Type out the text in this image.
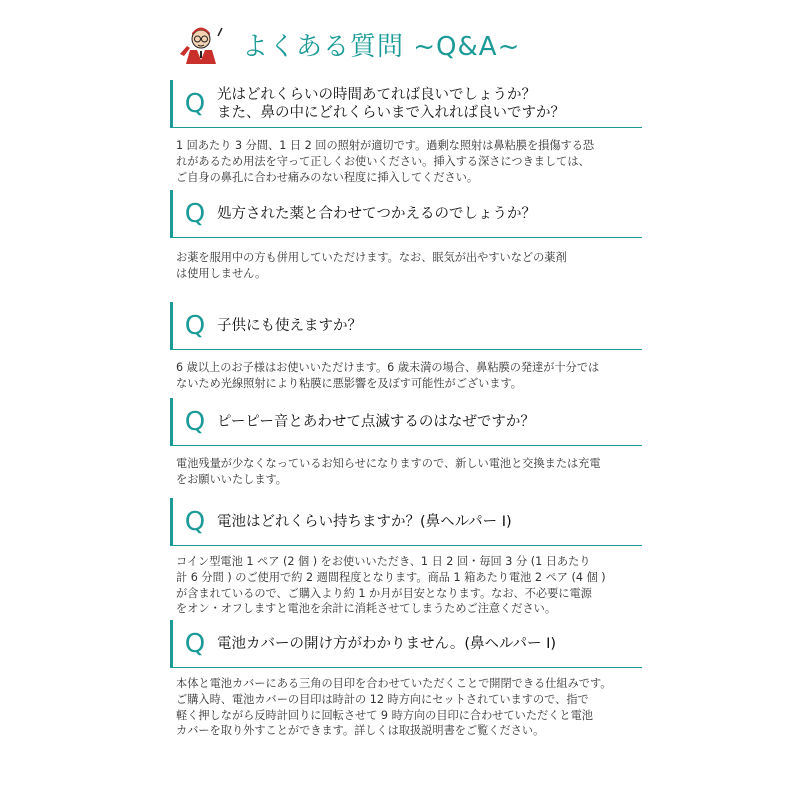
よくある質問 ~Q&A~
Q 光はどれくらいの時間あてれば良いでしょうか？
また、鼻の中にどれくらいまで入れれば良いですか？
1 回あたり 3 分間、1 日 2 回の照射が適切です。過剰な照射は鼻粘膜を損傷する恐
れがあるため用法を守って正しくお使いください。挿入する深さにつきましては、
ご自身の鼻孔に合わせ痛みのない程度に挿入してください。
Q 処方された薬と合わせてつかえるのでしょうか？
お薬を服用中の方も併用していただけます。なお、眠気が出やすいなどの薬剤
は使用しません。
Q 子供にも使えますか？
6 歳以上のお子様はお使いいただけます。6 歳未満の場合、鼻粘膜の発達が十分では
ないため光線照射により粘膜に悪影響を及ぼす可能性がございます。
Q ピーピー音とあわせて点滅するのはなぜですか？
電池残量が少なくなっているお知らせになりますので、新しい電池と交換または充電
をお願いいたします。
Q 電池はどれくらい持ちますか？(鼻ヘルパー I)
コイン型電池 1 ペア (2 個 ) をお使いいただき、1 日 2 回・毎回 3 分 (1 日あたり
計 6 分間 ) のご使用で約 2 週間程度となります。商品 1 箱あたり電池 2 ペア (4 個 )
が含まれているので、ご購入より約 1 か月が目安となります。なお、不必要に電源
をオン・オフしますと電池を余計に消耗させてしまうためご注意ください。
Q 電池カバーの開け方がわかりません。(鼻ヘルパー I)
本体と電池カバーにある三角の目印を合わせていただくことで開閉できる仕組みです。
ご購入時、電池カバーの目印は時計の 12 時方向にセットされていますので、指で
軽く押しながら反時計回りに回転させて 9 時方向の目印に合わせていただくと電池
カバーを取り外すことができます。詳しくは取扱説明書をご覧ください。
